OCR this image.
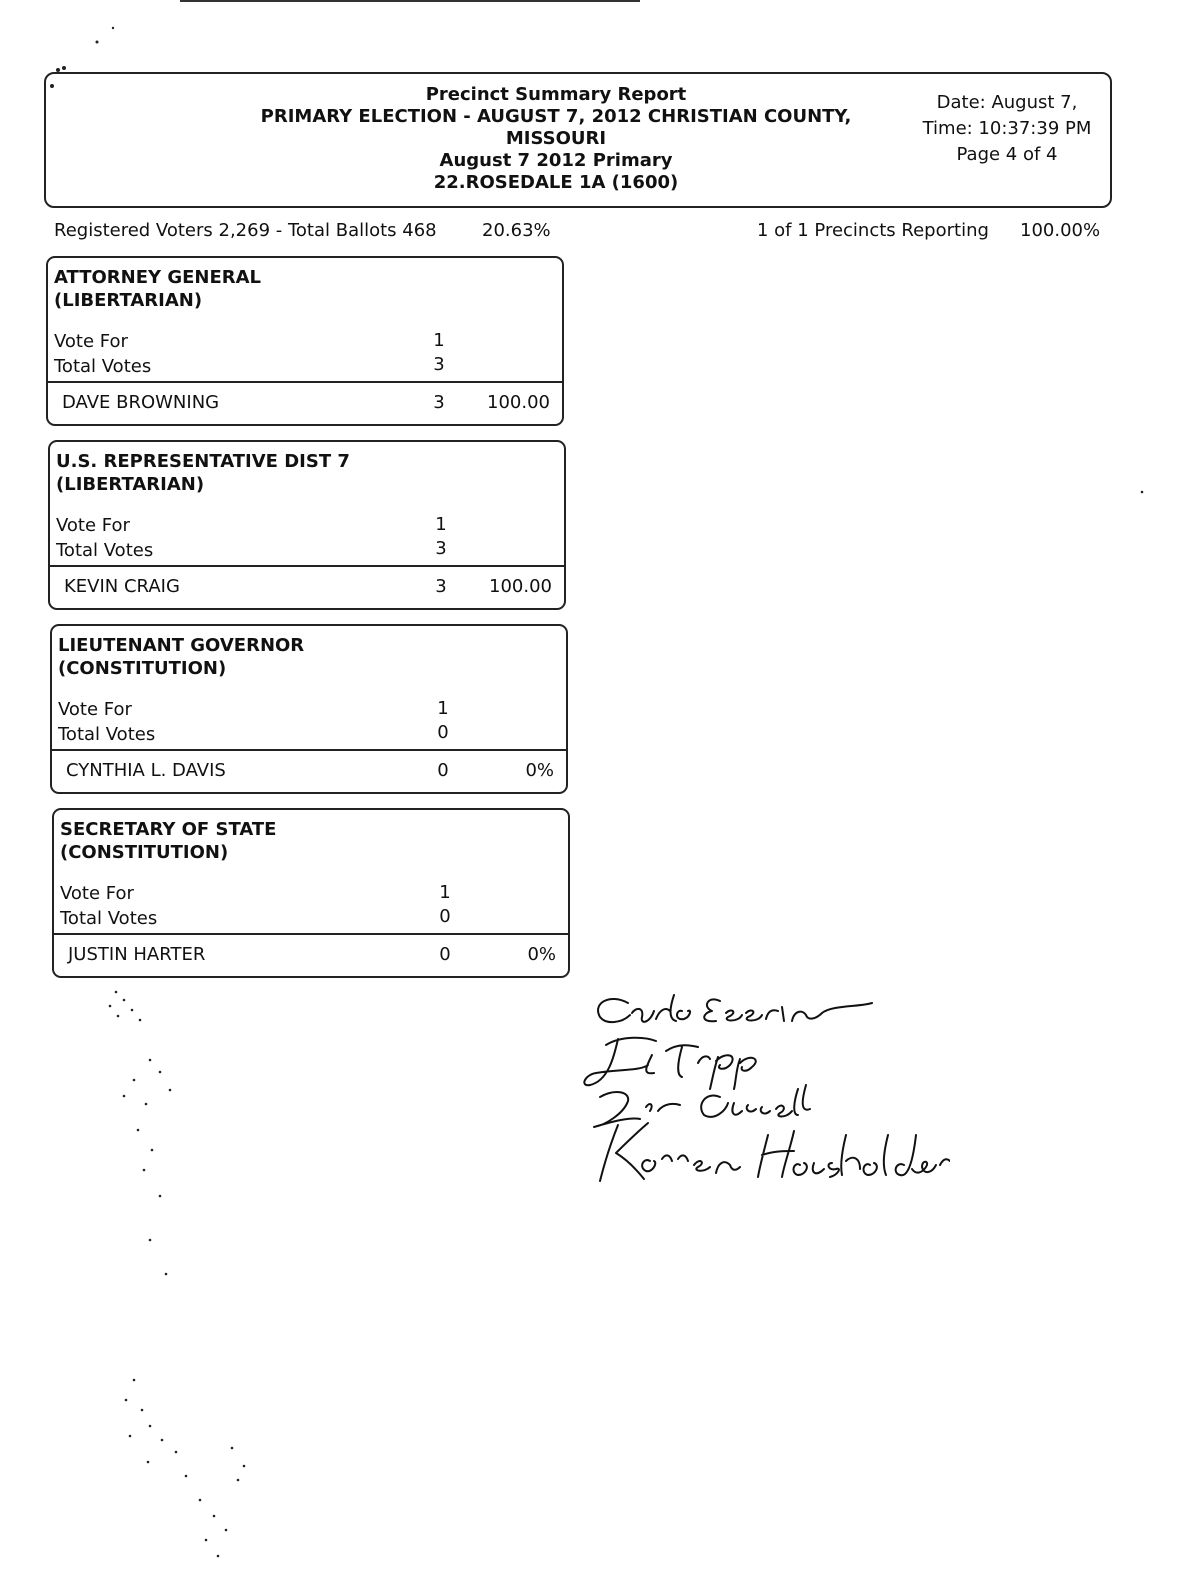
Precinct Summary Report
PRIMARY ELECTION - AUGUST 7, 2012 CHRISTIAN COUNTY,
MISSOURI
August 7 2012 Primary
22.ROSEDALE 1A (1600)
Date: August 7,
Time: 10:37:39 PM
Page 4 of 4
Registered Voters 2,269 - Total Ballots 468	20.63%	1 of 1 Precincts Reporting 100.00%
ATTORNEY GENERAL
(LIBERTARIAN)
Vote For	1
Total Votes	3
DAVE BROWNING	3	100.00
U.S. REPRESENTATIVE DIST 7
(LIBERTARIAN)
Vote For	1
Total Votes	3
KEVIN CRAIG	3	100.00
LIEUTENANT GOVERNOR
(CONSTITUTION)
Vote For	1
Total Votes	0
CYNTHIA L. DAVIS	0	0%
SECRETARY OF STATE
(CONSTITUTION)
Vote For	1
Total Votes	0
JUSTIN HARTER	0	0%
